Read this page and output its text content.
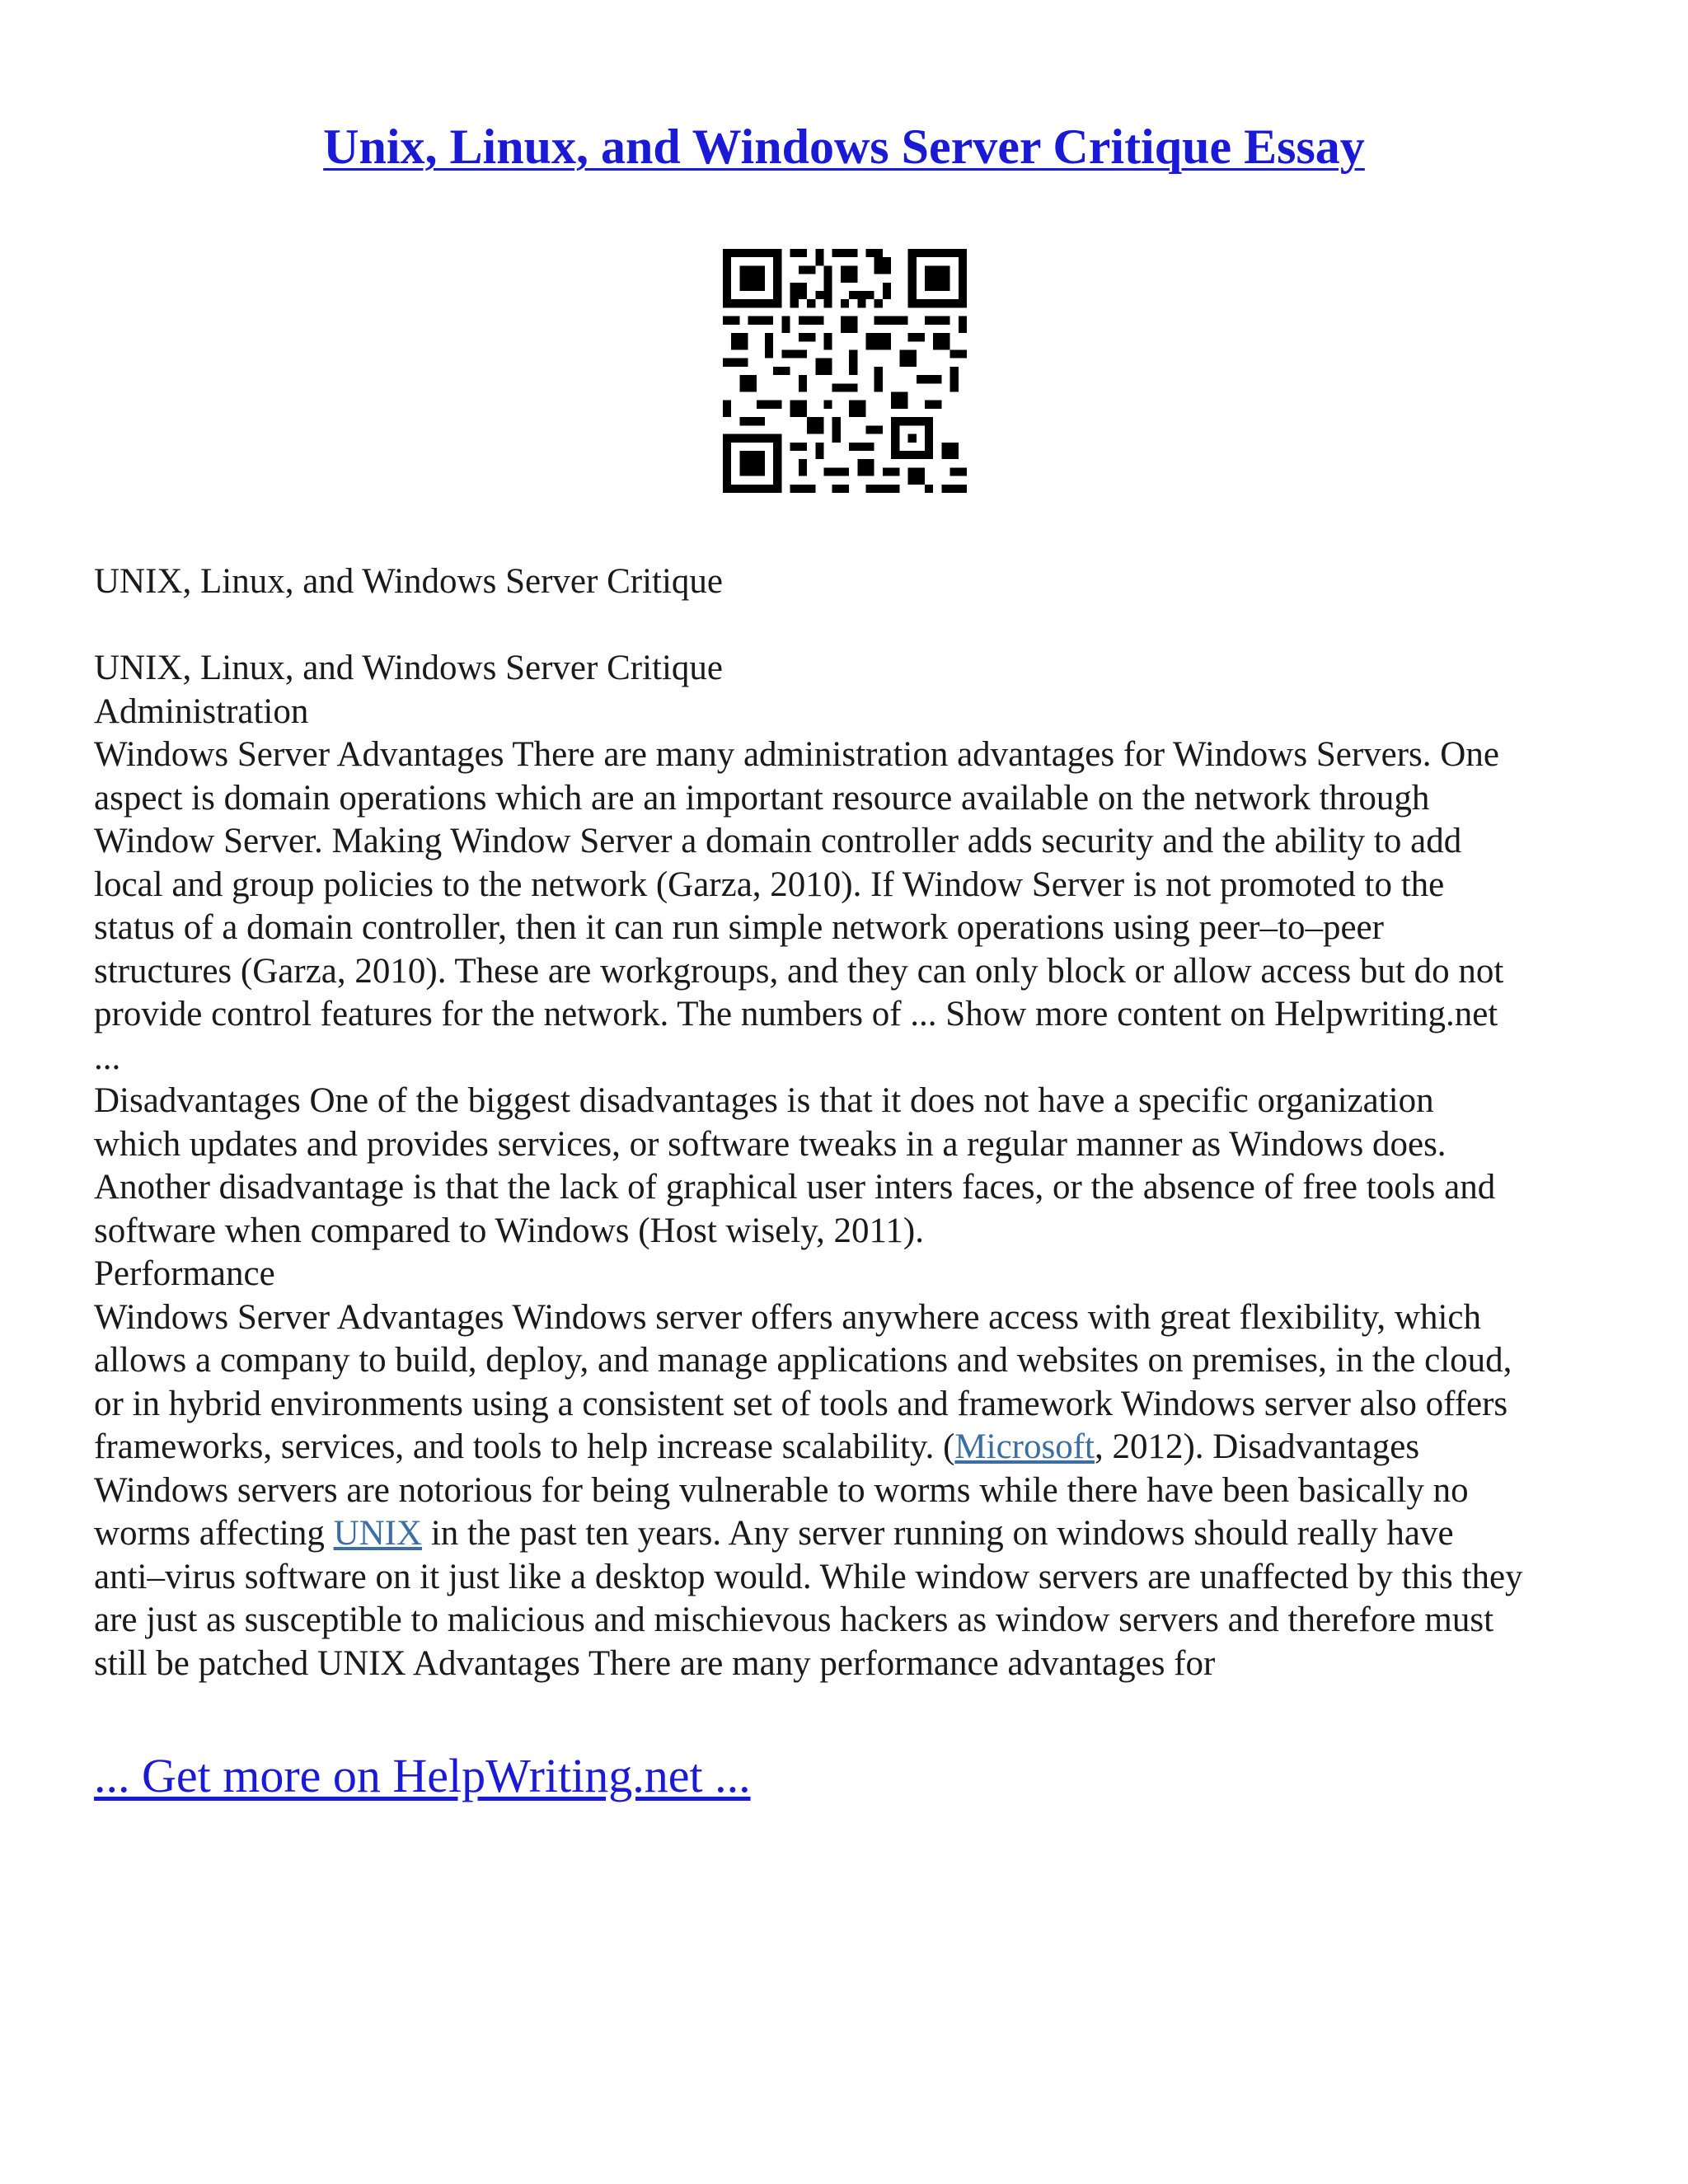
Unix, Linux, and Windows Server Critique Essay
UNIX, Linux, and Windows Server Critique
UNIX, Linux, and Windows Server Critique
Administration
Windows Server Advantages There are many administration advantages for Windows Servers. One
aspect is domain operations which are an important resource available on the network through
Window Server. Making Window Server a domain controller adds security and the ability to add
local and group policies to the network (Garza, 2010). If Window Server is not promoted to the
status of a domain controller, then it can run simple network operations using peer–to–peer
structures (Garza, 2010). These are workgroups, and they can only block or allow access but do not
provide control features for the network. The numbers of ... Show more content on Helpwriting.net
...
Disadvantages One of the biggest disadvantages is that it does not have a specific organization
which updates and provides services, or software tweaks in a regular manner as Windows does.
Another disadvantage is that the lack of graphical user inters faces, or the absence of free tools and
software when compared to Windows (Host wisely, 2011).
Performance
Windows Server Advantages Windows server offers anywhere access with great flexibility, which
allows a company to build, deploy, and manage applications and websites on premises, in the cloud,
or in hybrid environments using a consistent set of tools and framework Windows server also offers
frameworks, services, and tools to help increase scalability. (Microsoft, 2012). Disadvantages
Windows servers are notorious for being vulnerable to worms while there have been basically no
worms affecting UNIX in the past ten years. Any server running on windows should really have
anti–virus software on it just like a desktop would. While window servers are unaffected by this they
are just as susceptible to malicious and mischievous hackers as window servers and therefore must
still be patched UNIX Advantages There are many performance advantages for
... Get more on HelpWriting.net ...
